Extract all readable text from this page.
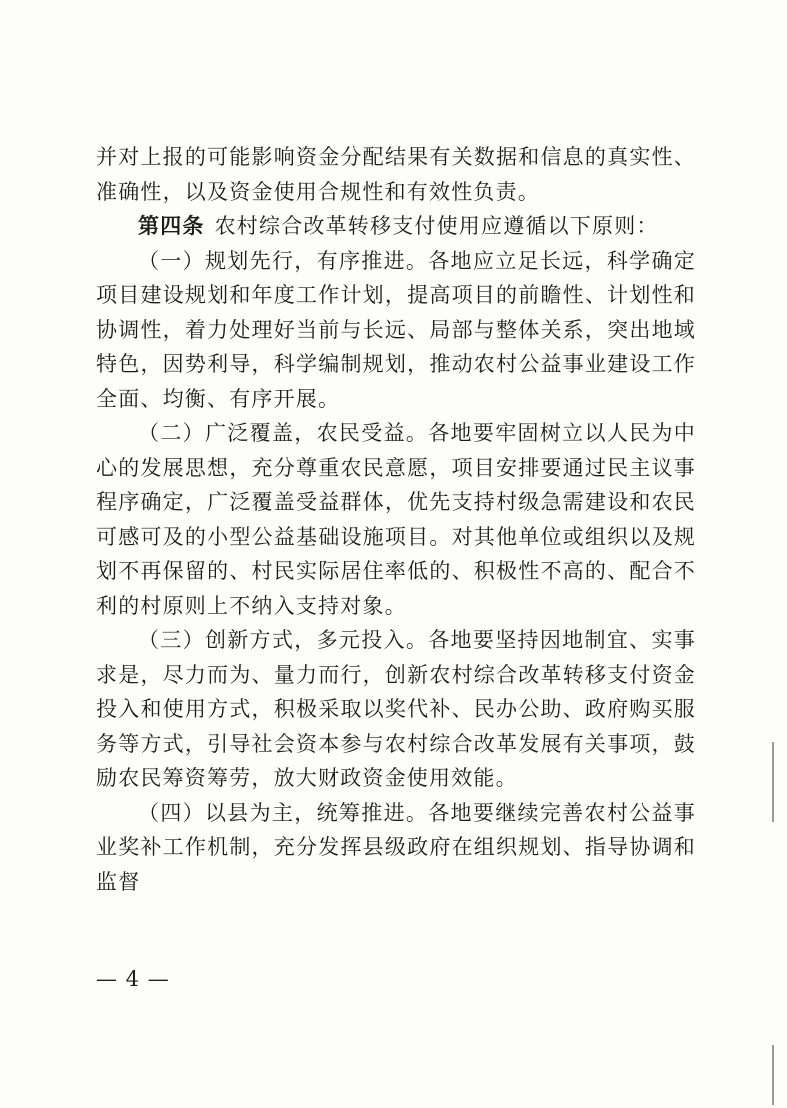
并对上报的可能影响资金分配结果有关数据和信息的真实性、准确性，以及资金使用合规性和有效性负责。

第四条 农村综合改革转移支付使用应遵循以下原则：

（一）规划先行，有序推进。各地应立足长远，科学确定项目建设规划和年度工作计划，提高项目的前瞻性、计划性和协调性，着力处理好当前与长远、局部与整体关系，突出地域特色，因势利导，科学编制规划，推动农村公益事业建设工作全面、均衡、有序开展。

（二）广泛覆盖，农民受益。各地要牢固树立以人民为中心的发展思想，充分尊重农民意愿，项目安排要通过民主议事程序确定，广泛覆盖受益群体，优先支持村级急需建设和农民可感可及的小型公益基础设施项目。对其他单位或组织以及规划不再保留的、村民实际居住率低的、积极性不高的、配合不利的村原则上不纳入支持对象。

（三）创新方式，多元投入。各地要坚持因地制宜、实事求是，尽力而为、量力而行，创新农村综合改革转移支付资金投入和使用方式，积极采取以奖代补、民办公助、政府购买服务等方式，引导社会资本参与农村综合改革发展有关事项，鼓励农民筹资筹劳，放大财政资金使用效能。

（四）以县为主，统筹推进。各地要继续完善农村公益事业奖补工作机制，充分发挥县级政府在组织规划、指导协调和监督

— 4 —
